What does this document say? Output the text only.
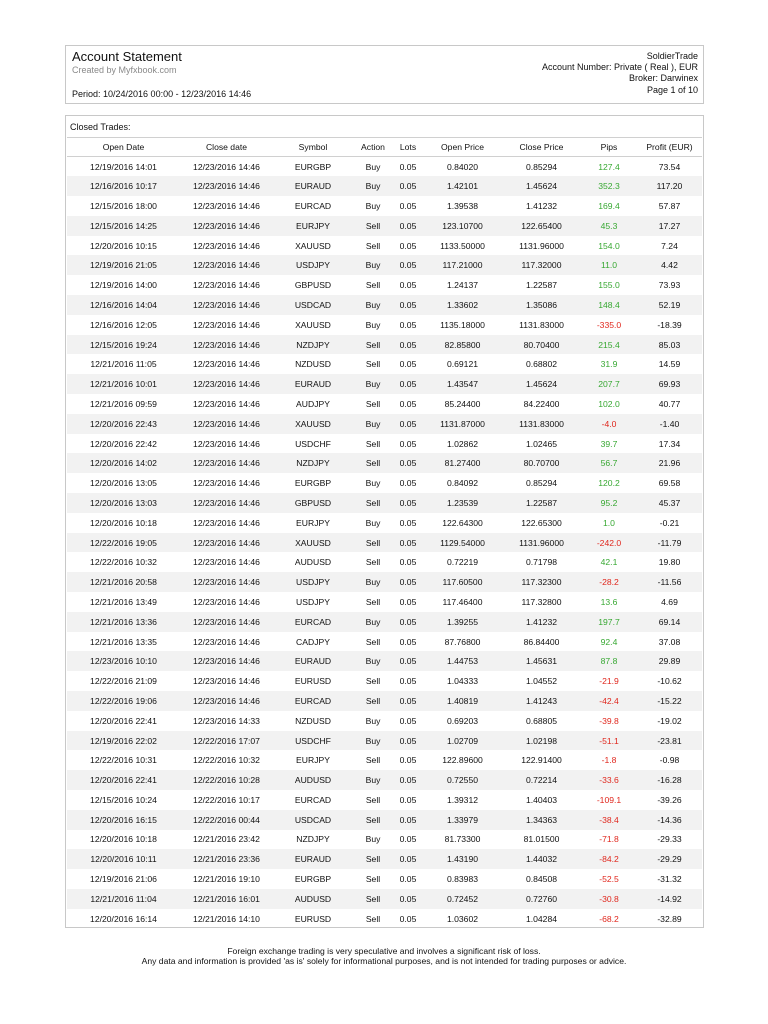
Account Statement
Created by Myfxbook.com
Period: 10/24/2016 00:00 - 12/23/2016 14:46
SoldierTrade
Account Number: Private ( Real ), EUR
Broker: Darwinex
Page 1 of 10
Closed Trades:
Open Date	Close date	Symbol	Action	Lots	Open Price	Close Price	Pips	Profit (EUR)
12/19/2016 14:01	12/23/2016 14:46	EURGBP	Buy	0.05	0.84020	0.85294	127.4	73.54
12/16/2016 10:17	12/23/2016 14:46	EURAUD	Buy	0.05	1.42101	1.45624	352.3	117.20
12/15/2016 18:00	12/23/2016 14:46	EURCAD	Buy	0.05	1.39538	1.41232	169.4	57.87
12/15/2016 14:25	12/23/2016 14:46	EURJPY	Sell	0.05	123.10700	122.65400	45.3	17.27
12/20/2016 10:15	12/23/2016 14:46	XAUUSD	Sell	0.05	1133.50000	1131.96000	154.0	7.24
12/19/2016 21:05	12/23/2016 14:46	USDJPY	Buy	0.05	117.21000	117.32000	11.0	4.42
12/19/2016 14:00	12/23/2016 14:46	GBPUSD	Sell	0.05	1.24137	1.22587	155.0	73.93
12/16/2016 14:04	12/23/2016 14:46	USDCAD	Buy	0.05	1.33602	1.35086	148.4	52.19
12/16/2016 12:05	12/23/2016 14:46	XAUUSD	Buy	0.05	1135.18000	1131.83000	-335.0	-18.39
12/15/2016 19:24	12/23/2016 14:46	NZDJPY	Sell	0.05	82.85800	80.70400	215.4	85.03
12/21/2016 11:05	12/23/2016 14:46	NZDUSD	Sell	0.05	0.69121	0.68802	31.9	14.59
12/21/2016 10:01	12/23/2016 14:46	EURAUD	Buy	0.05	1.43547	1.45624	207.7	69.93
12/21/2016 09:59	12/23/2016 14:46	AUDJPY	Sell	0.05	85.24400	84.22400	102.0	40.77
12/20/2016 22:43	12/23/2016 14:46	XAUUSD	Buy	0.05	1131.87000	1131.83000	-4.0	-1.40
12/20/2016 22:42	12/23/2016 14:46	USDCHF	Sell	0.05	1.02862	1.02465	39.7	17.34
12/20/2016 14:02	12/23/2016 14:46	NZDJPY	Sell	0.05	81.27400	80.70700	56.7	21.96
12/20/2016 13:05	12/23/2016 14:46	EURGBP	Buy	0.05	0.84092	0.85294	120.2	69.58
12/20/2016 13:03	12/23/2016 14:46	GBPUSD	Sell	0.05	1.23539	1.22587	95.2	45.37
12/20/2016 10:18	12/23/2016 14:46	EURJPY	Buy	0.05	122.64300	122.65300	1.0	-0.21
12/22/2016 19:05	12/23/2016 14:46	XAUUSD	Sell	0.05	1129.54000	1131.96000	-242.0	-11.79
12/22/2016 10:32	12/23/2016 14:46	AUDUSD	Sell	0.05	0.72219	0.71798	42.1	19.80
12/21/2016 20:58	12/23/2016 14:46	USDJPY	Buy	0.05	117.60500	117.32300	-28.2	-11.56
12/21/2016 13:49	12/23/2016 14:46	USDJPY	Sell	0.05	117.46400	117.32800	13.6	4.69
12/21/2016 13:36	12/23/2016 14:46	EURCAD	Buy	0.05	1.39255	1.41232	197.7	69.14
12/21/2016 13:35	12/23/2016 14:46	CADJPY	Sell	0.05	87.76800	86.84400	92.4	37.08
12/23/2016 10:10	12/23/2016 14:46	EURAUD	Buy	0.05	1.44753	1.45631	87.8	29.89
12/22/2016 21:09	12/23/2016 14:46	EURUSD	Sell	0.05	1.04333	1.04552	-21.9	-10.62
12/22/2016 19:06	12/23/2016 14:46	EURCAD	Sell	0.05	1.40819	1.41243	-42.4	-15.22
12/20/2016 22:41	12/23/2016 14:33	NZDUSD	Buy	0.05	0.69203	0.68805	-39.8	-19.02
12/19/2016 22:02	12/22/2016 17:07	USDCHF	Buy	0.05	1.02709	1.02198	-51.1	-23.81
12/22/2016 10:31	12/22/2016 10:32	EURJPY	Sell	0.05	122.89600	122.91400	-1.8	-0.98
12/20/2016 22:41	12/22/2016 10:28	AUDUSD	Buy	0.05	0.72550	0.72214	-33.6	-16.28
12/15/2016 10:24	12/22/2016 10:17	EURCAD	Sell	0.05	1.39312	1.40403	-109.1	-39.26
12/20/2016 16:15	12/22/2016 00:44	USDCAD	Sell	0.05	1.33979	1.34363	-38.4	-14.36
12/20/2016 10:18	12/21/2016 23:42	NZDJPY	Buy	0.05	81.73300	81.01500	-71.8	-29.33
12/20/2016 10:11	12/21/2016 23:36	EURAUD	Sell	0.05	1.43190	1.44032	-84.2	-29.29
12/19/2016 21:06	12/21/2016 19:10	EURGBP	Sell	0.05	0.83983	0.84508	-52.5	-31.32
12/21/2016 11:04	12/21/2016 16:01	AUDUSD	Sell	0.05	0.72452	0.72760	-30.8	-14.92
12/20/2016 16:14	12/21/2016 14:10	EURUSD	Sell	0.05	1.03602	1.04284	-68.2	-32.89
Foreign exchange trading is very speculative and involves a significant risk of loss.
Any data and information is provided 'as is' solely for informational purposes, and is not intended for trading purposes or advice.
